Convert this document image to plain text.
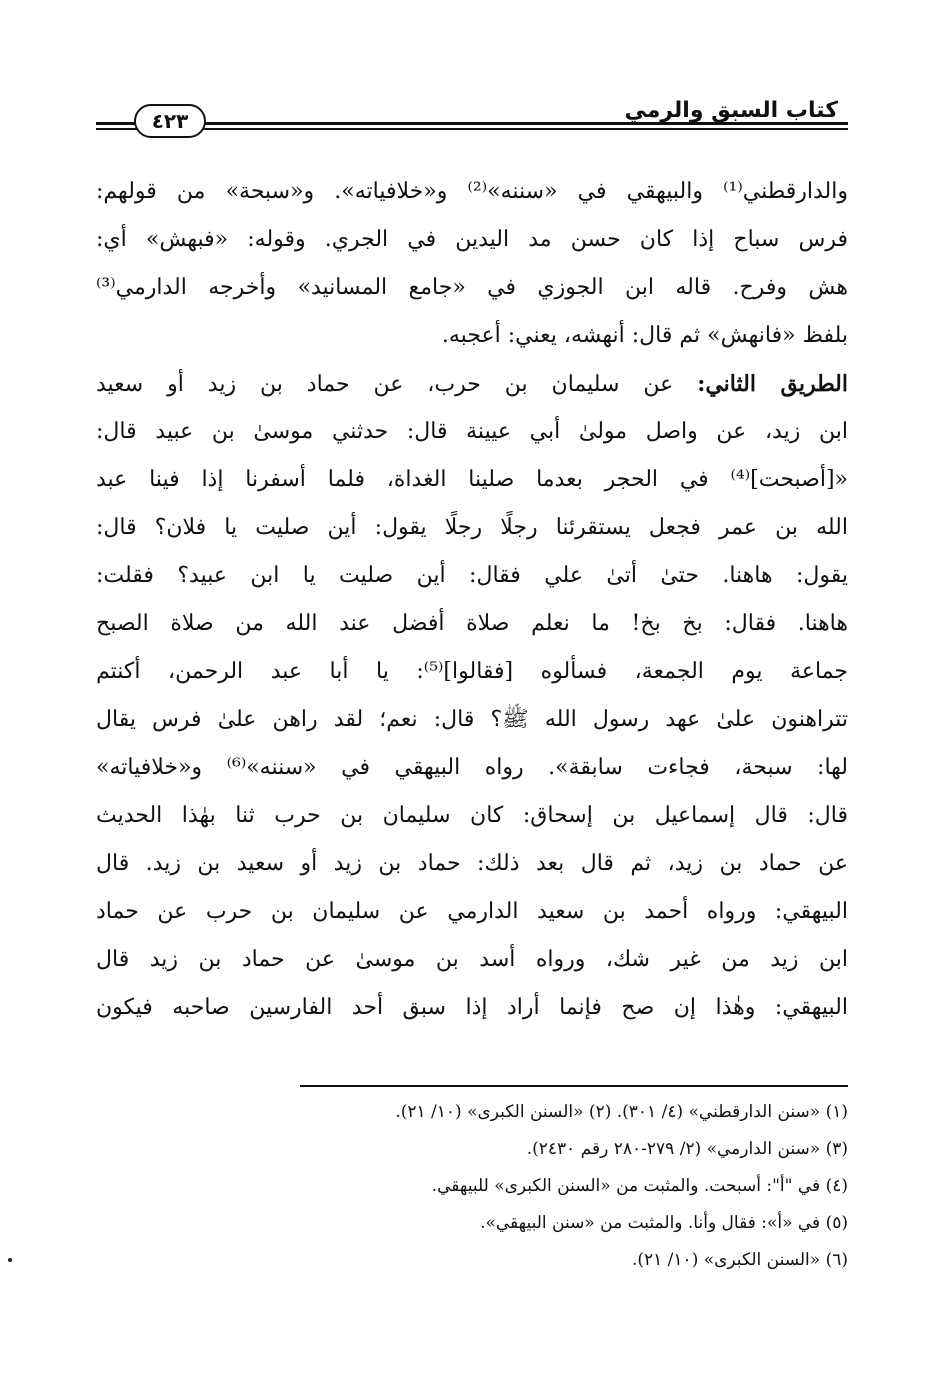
كتاب السبق والرمي
٤٢٣
والدارقطني⁽¹⁾ والبيهقي في «سننه»⁽²⁾ و«خلافياته». و«سبحة» من قولهم:
فرس سباح إذا كان حسن مد اليدين في الجري. وقوله: «فبهش» أي:
هش وفرح. قاله ابن الجوزي في «جامع المسانيد» وأخرجه الدارمي⁽³⁾
بلفظ «فانهش» ثم قال: أنهشه، يعني: أعجبه.
الطريق الثاني: عن سليمان بن حرب، عن حماد بن زيد أو سعيد
ابن زيد، عن واصل مولىٰ أبي عيينة قال: حدثني موسىٰ بن عبيد قال:
«[أصبحت]⁽⁴⁾ في الحجر بعدما صلينا الغداة، فلما أسفرنا إذا فينا عبد
الله بن عمر فجعل يستقرئنا رجلًا رجلًا يقول: أين صليت يا فلان؟ قال:
يقول: هاهنا. حتىٰ أتىٰ علي فقال: أين صليت يا ابن عبيد؟ فقلت:
هاهنا. فقال: بخ بخ! ما نعلم صلاة أفضل عند الله من صلاة الصبح
جماعة يوم الجمعة، فسألوه [فقالوا]⁽⁵⁾: يا أبا عبد الرحمن، أكنتم
تتراهنون علىٰ عهد رسول الله ﷺ؟ قال: نعم؛ لقد راهن علىٰ فرس يقال
لها: سبحة، فجاءت سابقة». رواه البيهقي في «سننه»⁽⁶⁾ و«خلافياته»
قال: قال إسماعيل بن إسحاق: كان سليمان بن حرب ثنا بهٰذا الحديث
عن حماد بن زيد، ثم قال بعد ذلك: حماد بن زيد أو سعيد بن زيد. قال
البيهقي: ورواه أحمد بن سعيد الدارمي عن سليمان بن حرب عن حماد
ابن زيد من غير شك، ورواه أسد بن موسىٰ عن حماد بن زيد قال
البيهقي: وهٰذا إن صح فإنما أراد إذا سبق أحد الفارسين صاحبه فيكون
(١) «سنن الدارقطني» (٤/ ٣٠١). (٢) «السنن الكبرى» (١٠/ ٢١).
(٣) «سنن الدارمي» (٢/ ٢٧٩-٢٨٠ رقم ٢٤٣٠).
(٤) في "أ": أسبحت. والمثبت من «السنن الكبرى» للبيهقي.
(٥) في «أ»: فقال وأنا. والمثبت من «سنن البيهقي».
(٦) «السنن الكبرى» (١٠/ ٢١).
